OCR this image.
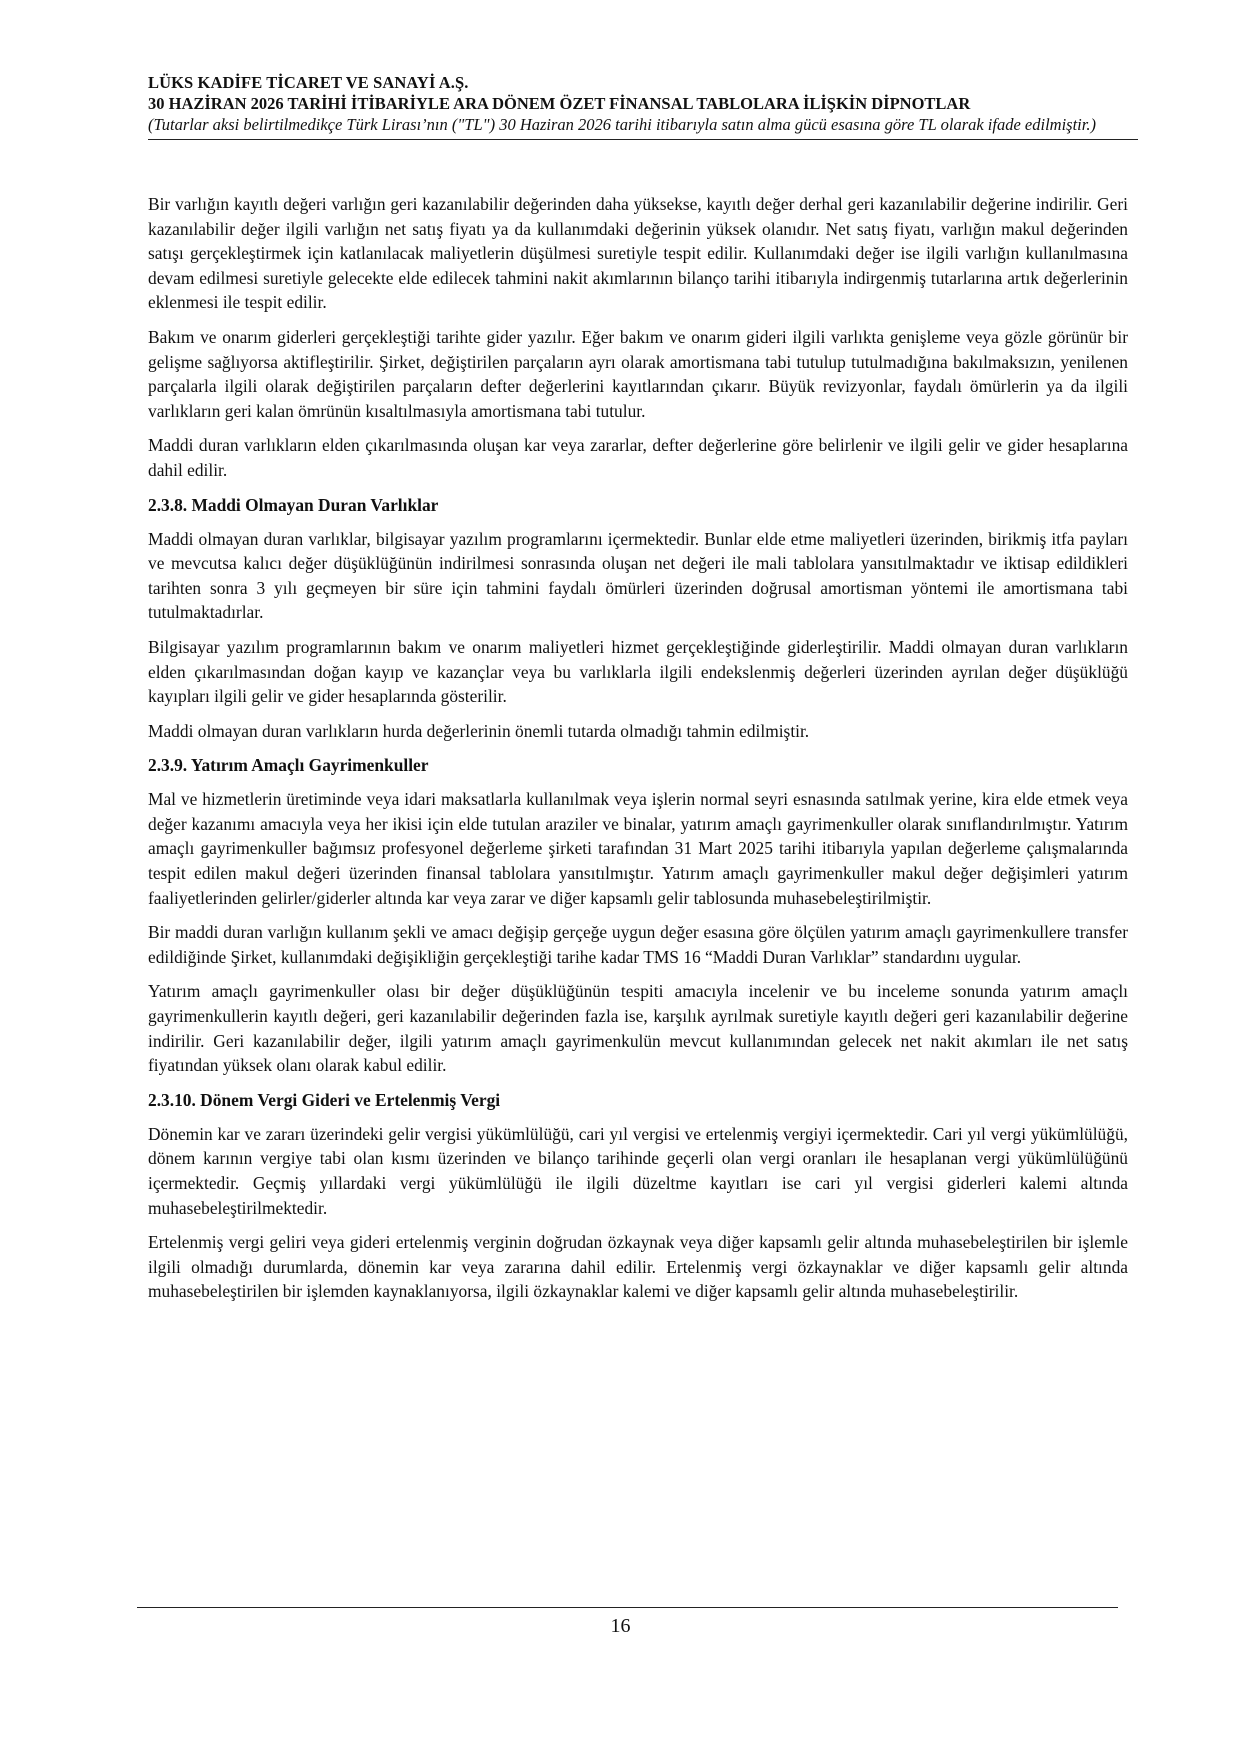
LÜKS KADİFE TİCARET VE SANAYİ A.Ş.
30 HAZİRAN 2026 TARİHİ İTİBARİYLE ARA DÖNEM ÖZET FİNANSAL TABLOLARA İLİŞKİN DİPNOTLAR
(Tutarlar aksi belirtilmedikçe Türk Lirası’nın ("TL") 30 Haziran 2026 tarihi itibarıyla satın alma gücü esasına göre TL olarak ifade edilmiştir.)

Bir varlığın kayıtlı değeri varlığın geri kazanılabilir değerinden daha yüksekse, kayıtlı değer derhal geri kazanılabilir değerine indirilir. Geri kazanılabilir değer ilgili varlığın net satış fiyatı ya da kullanımdaki değerinin yüksek olanıdır. Net satış fiyatı, varlığın makul değerinden satışı gerçekleştirmek için katlanılacak maliyetlerin düşülmesi suretiyle tespit edilir. Kullanımdaki değer ise ilgili varlığın kullanılmasına devam edilmesi suretiyle gelecekte elde edilecek tahmini nakit akımlarının bilanço tarihi itibarıyla indirgenmiş tutarlarına artık değerlerinin eklenmesi ile tespit edilir.

Bakım ve onarım giderleri gerçekleştiği tarihte gider yazılır. Eğer bakım ve onarım gideri ilgili varlıkta genişleme veya gözle görünür bir gelişme sağlıyorsa aktifleştirilir. Şirket, değiştirilen parçaların ayrı olarak amortismana tabi tutulup tutulmadığına bakılmaksızın, yenilenen parçalarla ilgili olarak değiştirilen parçaların defter değerlerini kayıtlarından çıkarır. Büyük revizyonlar, faydalı ömürlerin ya da ilgili varlıkların geri kalan ömrünün kısaltılmasıyla amortismana tabi tutulur.

Maddi duran varlıkların elden çıkarılmasında oluşan kar veya zararlar, defter değerlerine göre belirlenir ve ilgili gelir ve gider hesaplarına dahil edilir.

2.3.8. Maddi Olmayan Duran Varlıklar

Maddi olmayan duran varlıklar, bilgisayar yazılım programlarını içermektedir. Bunlar elde etme maliyetleri üzerinden, birikmiş itfa payları ve mevcutsa kalıcı değer düşüklüğünün indirilmesi sonrasında oluşan net değeri ile mali tablolara yansıtılmaktadır ve iktisap edildikleri tarihten sonra 3 yılı geçmeyen bir süre için tahmini faydalı ömürleri üzerinden doğrusal amortisman yöntemi ile amortismana tabi tutulmaktadırlar.

Bilgisayar yazılım programlarının bakım ve onarım maliyetleri hizmet gerçekleştiğinde giderleştirilir. Maddi olmayan duran varlıkların elden çıkarılmasından doğan kayıp ve kazançlar veya bu varlıklarla ilgili endekslenmiş değerleri üzerinden ayrılan değer düşüklüğü kayıpları ilgili gelir ve gider hesaplarında gösterilir.

Maddi olmayan duran varlıkların hurda değerlerinin önemli tutarda olmadığı tahmin edilmiştir.

2.3.9. Yatırım Amaçlı Gayrimenkuller

Mal ve hizmetlerin üretiminde veya idari maksatlarla kullanılmak veya işlerin normal seyri esnasında satılmak yerine, kira elde etmek veya değer kazanımı amacıyla veya her ikisi için elde tutulan araziler ve binalar, yatırım amaçlı gayrimenkuller olarak sınıflandırılmıştır. Yatırım amaçlı gayrimenkuller bağımsız profesyonel değerleme şirketi tarafından 31 Mart 2025 tarihi itibarıyla yapılan değerleme çalışmalarında tespit edilen makul değeri üzerinden finansal tablolara yansıtılmıştır. Yatırım amaçlı gayrimenkuller makul değer değişimleri yatırım faaliyetlerinden gelirler/giderler altında kar veya zarar ve diğer kapsamlı gelir tablosunda muhasebeleştirilmiştir.

Bir maddi duran varlığın kullanım şekli ve amacı değişip gerçeğe uygun değer esasına göre ölçülen yatırım amaçlı gayrimenkullere transfer edildiğinde Şirket, kullanımdaki değişikliğin gerçekleştiği tarihe kadar TMS 16 “Maddi Duran Varlıklar” standardını uygular.

Yatırım amaçlı gayrimenkuller olası bir değer düşüklüğünün tespiti amacıyla incelenir ve bu inceleme sonunda yatırım amaçlı gayrimenkullerin kayıtlı değeri, geri kazanılabilir değerinden fazla ise, karşılık ayrılmak suretiyle kayıtlı değeri geri kazanılabilir değerine indirilir. Geri kazanılabilir değer, ilgili yatırım amaçlı gayrimenkulün mevcut kullanımından gelecek net nakit akımları ile net satış fiyatından yüksek olanı olarak kabul edilir.

2.3.10. Dönem Vergi Gideri ve Ertelenmiş Vergi

Dönemin kar ve zararı üzerindeki gelir vergisi yükümlülüğü, cari yıl vergisi ve ertelenmiş vergiyi içermektedir. Cari yıl vergi yükümlülüğü, dönem karının vergiye tabi olan kısmı üzerinden ve bilanço tarihinde geçerli olan vergi oranları ile hesaplanan vergi yükümlülüğünü içermektedir. Geçmiş yıllardaki vergi yükümlülüğü ile ilgili düzeltme kayıtları ise cari yıl vergisi giderleri kalemi altında muhasebeleştirilmektedir.

Ertelenmiş vergi geliri veya gideri ertelenmiş verginin doğrudan özkaynak veya diğer kapsamlı gelir altında muhasebeleştirilen bir işlemle ilgili olmadığı durumlarda, dönemin kar veya zararına dahil edilir. Ertelenmiş vergi özkaynaklar ve diğer kapsamlı gelir altında muhasebeleştirilen bir işlemden kaynaklanıyorsa, ilgili özkaynaklar kalemi ve diğer kapsamlı gelir altında muhasebeleştirilir.

16
